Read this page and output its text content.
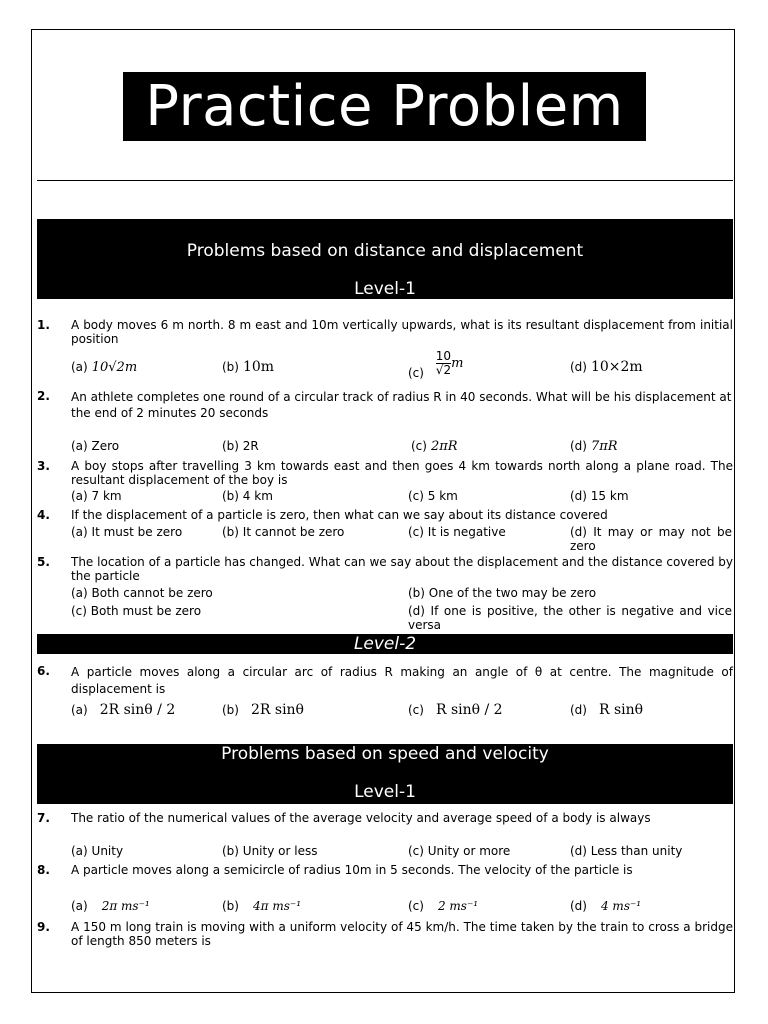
Practice Problem
Problems based on distance and displacement
Level-1
1. A body moves 6 m north. 8 m east and 10m vertically upwards, what is its resultant displacement from initial position
(a) 10√2m	(b) 10m	$(c) \frac{10}{√2}$ m	(d) 10×2m
2. An athlete completes one round of a circular track of radius R in 40 seconds. What will be his displacement at the end of 2 minutes 20 seconds
(a) Zero	(b) 2R	(c) 2πR	(d) 7πR
3. A boy stops after travelling 3 km towards east and then goes 4 km towards north along a plane road. The resultant displacement of the boy is
(a) 7 km	(b) 4 km	(c) 5 km	(d) 15 km
4. If the displacement of a particle is zero, then what can we say about its distance covered
(a) It must be zero	(b) It cannot be zero	(c) It is negative	(d) It may or may not be zero
5. The location of a particle has changed. What can we say about the displacement and the distance covered by the particle
(a) Both cannot be zero	(b) One of the two may be zero
(c) Both must be zero	(d) If one is positive, the other is negative and vice versa
Level-2
6. A particle moves along a circular arc of radius R making an angle of θ at centre. The magnitude of displacement is
(a) 2R sinθ / 2	(b) 2R sinθ	(c) R sinθ / 2	(d) R sinθ
Problems based on speed and velocity
Level-1
7. The ratio of the numerical values of the average velocity and average speed of a body is always
(a) Unity	(b) Unity or less	(c) Unity or more	(d) Less than unity
8. A particle moves along a semicircle of radius 10m in 5 seconds. The velocity of the particle is
(a) 2π ms⁻¹	(b) 4π ms⁻¹	(c) 2 ms⁻¹	(d) 4 ms⁻¹
9. A 150 m long train is moving with a uniform velocity of 45 km/h. The time taken by the train to cross a bridge of length 850 meters is
